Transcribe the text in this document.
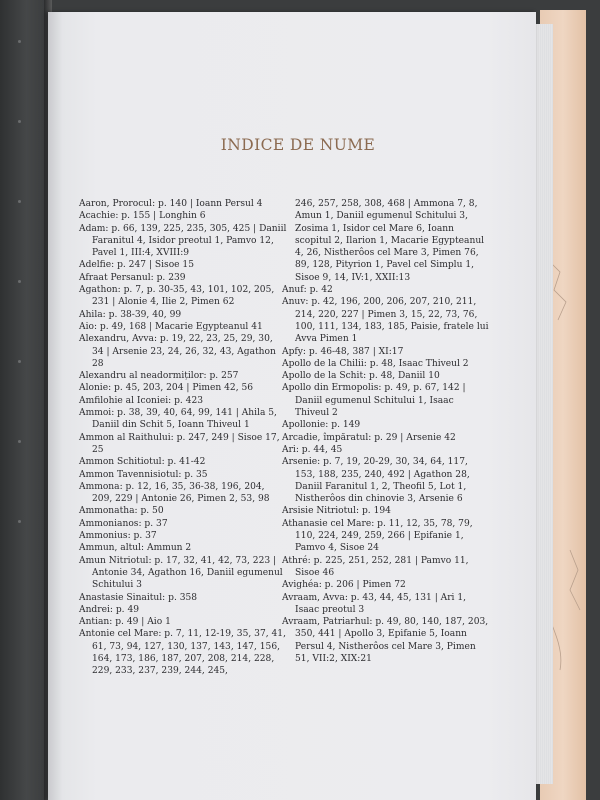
INDICE DE NUME
Aaron, Prorocul: p. 140 | Ioann Persul 4
Acachie: p. 155 | Longhin 6
Adam: p. 66, 139, 225, 235, 305, 425 | Daniil Faranitul 4, Isidor preotul 1, Pamvo 12, Pavel 1, III:4, XVIII:9
Adelfie: p. 247 | Sisoe 15
Afraat Persanul: p. 239
Agathon: p. 7, p. 30-35, 43, 101, 102, 205, 231 | Alonie 4, Ilie 2, Pimen 62
Ahila: p. 38-39, 40, 99
Aio: p. 49, 168 | Macarie Egypteanul 41
Alexandru, Avva: p. 19, 22, 23, 25, 29, 30, 34 | Arsenie 23, 24, 26, 32, 43, Agathon 28
Alexandru al neadormiților: p. 257
Alonie: p. 45, 203, 204 | Pimen 42, 56
Amfilohie al Iconiei: p. 423
Ammoi: p. 38, 39, 40, 64, 99, 141 | Ahila 5, Daniil din Schit 5, Ioann Thiveul 1
Ammon al Raithului: p. 247, 249 | Sisoe 17, 25
Ammon Schitiotul: p. 41-42
Ammon Tavennisiotul: p. 35
Ammona: p. 12, 16, 35, 36-38, 196, 204, 209, 229 | Antonie 26, Pimen 2, 53, 98
Ammonatha: p. 50
Ammonianos: p. 37
Ammonius: p. 37
Ammun, altul: Ammun 2
Amun Nitriotul: p. 17, 32, 41, 42, 73, 223 | Antonie 34, Agathon 16, Daniil egumenul Schitului 3
Anastasie Sinaitul: p. 358
Andrei: p. 49
Antian: p. 49 | Aio 1
Antonie cel Mare: p. 7, 11, 12-19, 35, 37, 41, 61, 73, 94, 127, 130, 137, 143, 147, 156, 164, 173, 186, 187, 207, 208, 214, 228, 229, 233, 237, 239, 244, 245,
246, 257, 258, 308, 468 | Ammona 7, 8, Amun 1, Daniil egumenul Schitului 3, Zosima 1, Isidor cel Mare 6, Ioann scopitul 2, Ilarion 1, Macarie Egypteanul 4, 26, Nistherôos cel Mare 3, Pimen 76, 89, 128, Pityrion 1, Pavel cel Simplu 1, Sisoe 9, 14, IV:1, XXII:13
Anuf: p. 42
Anuv: p. 42, 196, 200, 206, 207, 210, 211, 214, 220, 227 | Pimen 3, 15, 22, 73, 76, 100, 111, 134, 183, 185, Paisie, fratele lui Avva Pimen 1
Apfy: p. 46-48, 387 | XI:17
Apollo de la Chilii: p. 48, Isaac Thiveul 2
Apollo de la Schit: p. 48, Daniil 10
Apollo din Ermopolis: p. 49, p. 67, 142 | Daniil egumenul Schitului 1, Isaac Thiveul 2
Apollonie: p. 149
Arcadie, împăratul: p. 29 | Arsenie 42
Ari: p. 44, 45
Arsenie: p. 7, 19, 20-29, 30, 34, 64, 117, 153, 188, 235, 240, 492 | Agathon 28, Daniil Faranitul 1, 2, Theofil 5, Lot 1, Nistherôos din chinovie 3, Arsenie 6
Arsisie Nitriotul: p. 194
Athanasie cel Mare: p. 11, 12, 35, 78, 79, 110, 224, 249, 259, 266 | Epifanie 1, Pamvo 4, Sisoe 24
Athré: p. 225, 251, 252, 281 | Pamvo 11, Sisoe 46
Avighéa: p. 206 | Pimen 72
Avraam, Avva: p. 43, 44, 45, 131 | Ari 1, Isaac preotul 3
Avraam, Patriarhul: p. 49, 80, 140, 187, 203, 350, 441 | Apollo 3, Epifanie 5, Ioann Persul 4, Nistherôos cel Mare 3, Pimen 51, VII:2, XIX:21
